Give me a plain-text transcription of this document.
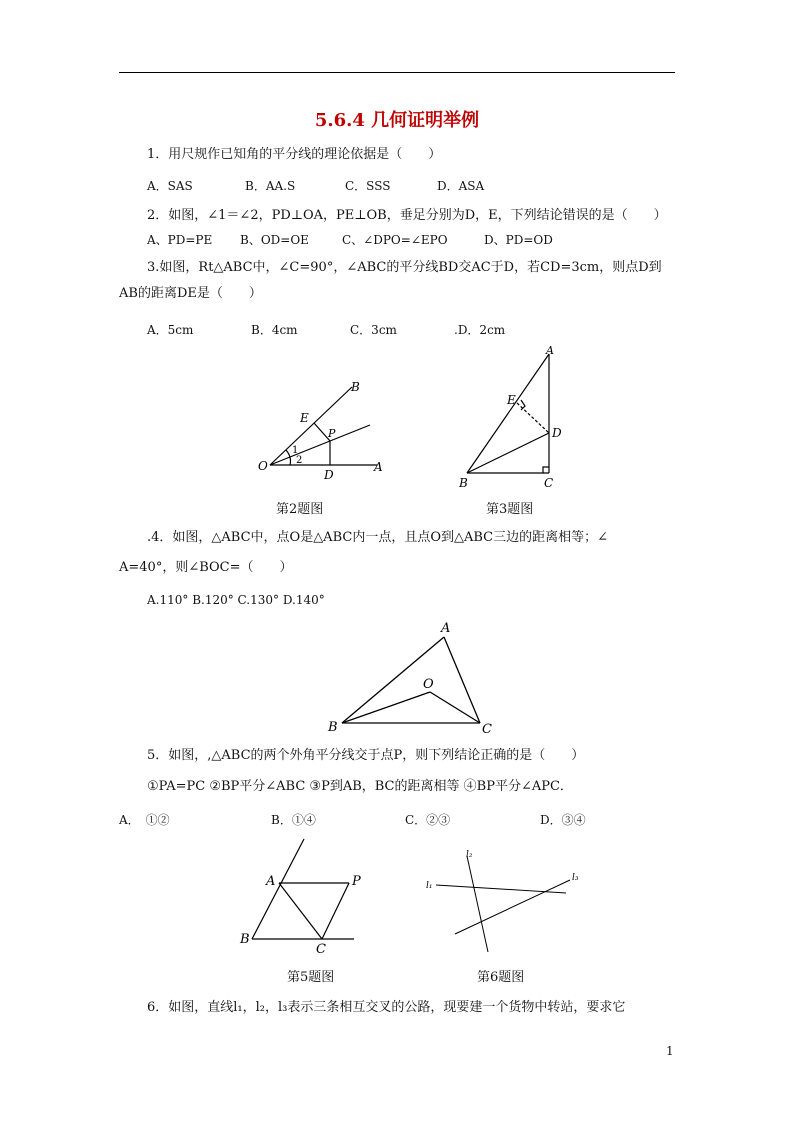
5.6.4 几何证明举例
1．用尺规作已知角的平分线的理论依据是（　　）
A．SAS	B．AA.S	C．SSS	D．ASA
2．如图，∠1＝∠2，PD⊥OA，PE⊥OB，垂足分别为D，E，下列结论错误的是（　　）
A、PD=PE B、OD=OE	C、∠DPO=∠EPO	D、PD=OD
3.如图，Rt△ABC中，∠C=90°，∠ABC的平分线BD交AC于D，若CD=3cm，则点D到
AB的距离DE是（　　）
A．5cm	B．4cm	C．3cm	.D．2cm
O	A
B
E
P
D
1
2
第2题图
A
B	C
D
E
第3题图
.4．如图，△ABC中，点O是△ABC内一点，且点O到△ABC三边的距离相等；∠
A=40°，则∠BOC=（　　）
A.110° B.120° C.130° D.140°
A
B	C
O
5．如图，,△ABC的两个外角平分线交于点P，则下列结论正确的是（　　）
①PA=PC ②BP平分∠ABC ③P到AB，BC的距离相等 ④BP平分∠APC．
A．　①②	B．①④	C．②③	D．③④
A
B
C
P
第5题图
l₁
l₂
l₃
第6题图
6．如图，直线l₁，l₂，l₃表示三条相互交叉的公路，现要建一个货物中转站，要求它
1
